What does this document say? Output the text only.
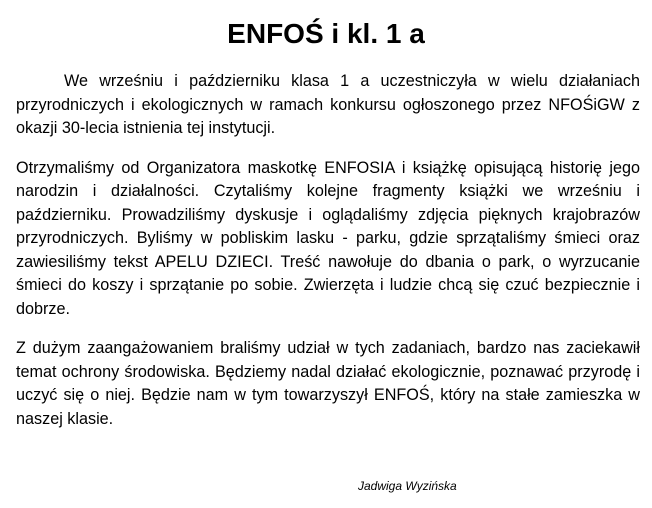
ENFOŚ i kl. 1 a

We wrześniu i październiku klasa 1 a uczestniczyła w wielu działaniach przyrodniczych i ekologicznych w ramach konkursu ogłoszonego przez NFOŚiGW z okazji 30-lecia istnienia tej instytucji.

Otrzymaliśmy od Organizatora maskotkę ENFOSIA i książkę opisującą historię jego narodzin i działalności. Czytaliśmy kolejne fragmenty książki we wrześniu i październiku. Prowadziliśmy dyskusje i oglądaliśmy zdjęcia pięknych krajobrazów przyrodniczych. Byliśmy w pobliskim lasku - parku, gdzie sprzątaliśmy śmieci oraz zawiesiliśmy tekst APELU DZIECI. Treść nawołuje do dbania o park, o wyrzucanie śmieci do koszy i sprzątanie po sobie. Zwierzęta i ludzie chcą się czuć bezpiecznie i dobrze.

Z dużym zaangażowaniem braliśmy udział w tych zadaniach, bardzo nas zaciekawił temat ochrony środowiska. Będziemy nadal działać ekologicznie, poznawać przyrodę i uczyć się o niej. Będzie nam w tym towarzyszył ENFOŚ, który na stałe zamieszka w naszej klasie.

Jadwiga Wyzińska
